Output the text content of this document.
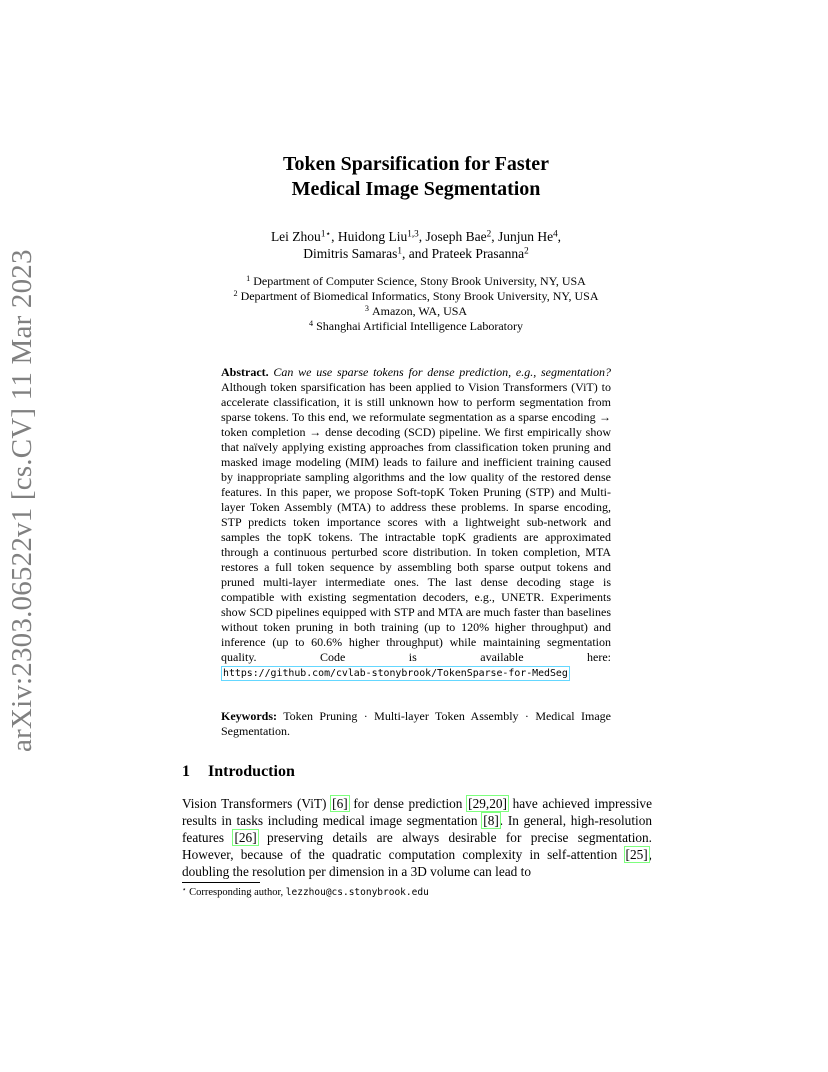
arXiv:2303.06522v1 [cs.CV] 11 Mar 2023
Token Sparsification for Faster
Medical Image Segmentation
Lei Zhou$^{1⋆}$, Huidong Liu$^{1,3}$, Joseph Bae$^2$, Junjun He$^4$,
Dimitris Samaras$^1$, and Prateek Prasanna$^2$
$^1$ Department of Computer Science, Stony Brook University, NY, USA
$^2$ Department of Biomedical Informatics, Stony Brook University, NY, USA
$^3$ Amazon, WA, USA
$^4$ Shanghai Artificial Intelligence Laboratory
Abstract. Can we use sparse tokens for dense prediction, e.g., segmentation? Although token sparsification has been applied to Vision Transformers (ViT) to accelerate classification, it is still unknown how to perform segmentation from sparse tokens. To this end, we reformulate segmentation as a sparse encoding → token completion → dense decoding (SCD) pipeline. We first empirically show that naïvely applying existing approaches from classification token pruning and masked image modeling (MIM) leads to failure and inefficient training caused by inappropriate sampling algorithms and the low quality of the restored dense features. In this paper, we propose Soft-topK Token Pruning (STP) and Multi-layer Token Assembly (MTA) to address these problems. In sparse encoding, STP predicts token importance scores with a lightweight sub-network and samples the topK tokens. The intractable topK gradients are approximated through a continuous perturbed score distribution. In token completion, MTA restores a full token sequence by assembling both sparse output tokens and pruned multi-layer intermediate ones. The last dense decoding stage is compatible with existing segmentation decoders, e.g., UNETR. Experiments show SCD pipelines equipped with STP and MTA are much faster than baselines without token pruning in both training (up to 120% higher throughput) and inference (up to 60.6% higher throughput) while maintaining segmentation quality. Code is available here: https://github.com/cvlab-stonybrook/TokenSparse-for-MedSeg
Keywords: Token Pruning · Multi-layer Token Assembly · Medical Image Segmentation.
1 Introduction
Vision Transformers (ViT) [6] for dense prediction [29,20] have achieved impressive results in tasks including medical image segmentation [8]. In general, high-resolution features [26] preserving details are always desirable for precise segmentation. However, because of the quadratic computation complexity in self-attention [25], doubling the resolution per dimension in a 3D volume can lead to
⋆ Corresponding author, lezzhou@cs.stonybrook.edu
